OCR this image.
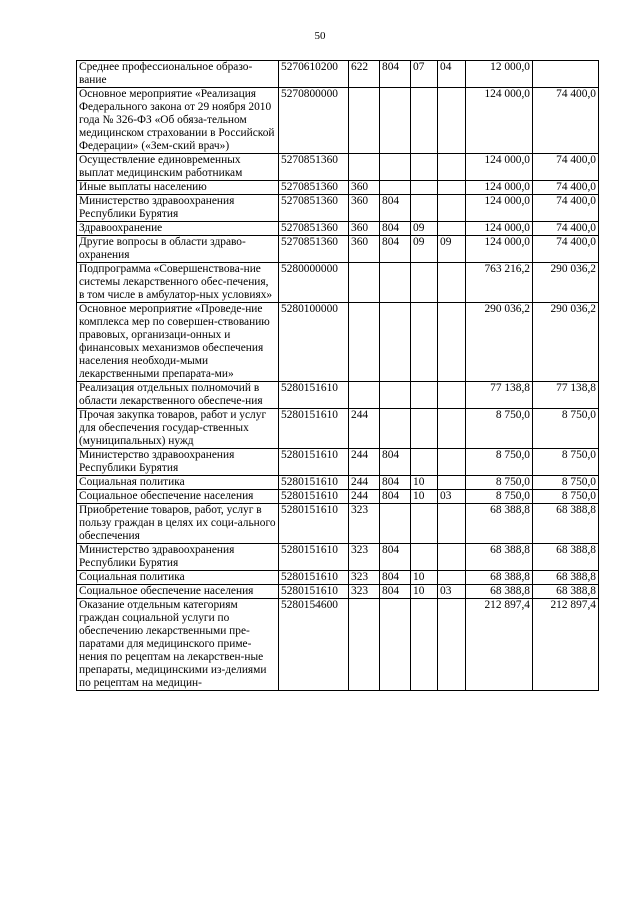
50
Среднее профессиональное образо-вание	5270610200	622	804	07	04	12 000,0	
Основное мероприятие «Реализация Федерального закона от 29 ноября 2010 года № 326-ФЗ «Об обяза-тельном медицинском страховании в Российской Федерации» («Зем-ский врач»)	5270800000					124 000,0	74 400,0
Осуществление единовременных выплат медицинским работникам	5270851360					124 000,0	74 400,0
Иные выплаты населению	5270851360	360				124 000,0	74 400,0
Министерство здравоохранения Республики Бурятия	5270851360	360	804			124 000,0	74 400,0
Здравоохранение	5270851360	360	804	09		124 000,0	74 400,0
Другие вопросы в области здраво-охранения	5270851360	360	804	09	09	124 000,0	74 400,0
Подпрограмма «Совершенствова-ние системы лекарственного обес-печения, в том числе в амбулатор-ных условиях»	5280000000					763 216,2	290 036,2
Основное мероприятие «Проведе-ние комплекса мер по совершен-ствованию правовых, организаци-онных и финансовых механизмов обеспечения населения необходи-мыми лекарственными препарата-ми»	5280100000					290 036,2	290 036,2
Реализация отдельных полномочий в области лекарственного обеспече-ния	5280151610					77 138,8	77 138,8
Прочая закупка товаров, работ и услуг для обеспечения государ-ственных (муниципальных) нужд	5280151610	244				8 750,0	8 750,0
Министерство здравоохранения Республики Бурятия	5280151610	244	804			8 750,0	8 750,0
Социальная политика	5280151610	244	804	10		8 750,0	8 750,0
Социальное обеспечение населения	5280151610	244	804	10	03	8 750,0	8 750,0
Приобретение товаров, работ, услуг в пользу граждан в целях их соци-ального обеспечения	5280151610	323				68 388,8	68 388,8
Министерство здравоохранения Республики Бурятия	5280151610	323	804			68 388,8	68 388,8
Социальная политика	5280151610	323	804	10		68 388,8	68 388,8
Социальное обеспечение населения	5280151610	323	804	10	03	68 388,8	68 388,8
Оказание отдельным категориям граждан социальной услуги по обеспечению лекарственными пре-паратами для медицинского приме-нения по рецептам на лекарствен-ные препараты, медицинскими из-делиями по рецептам на медицин-	5280154600					212 897,4	212 897,4
